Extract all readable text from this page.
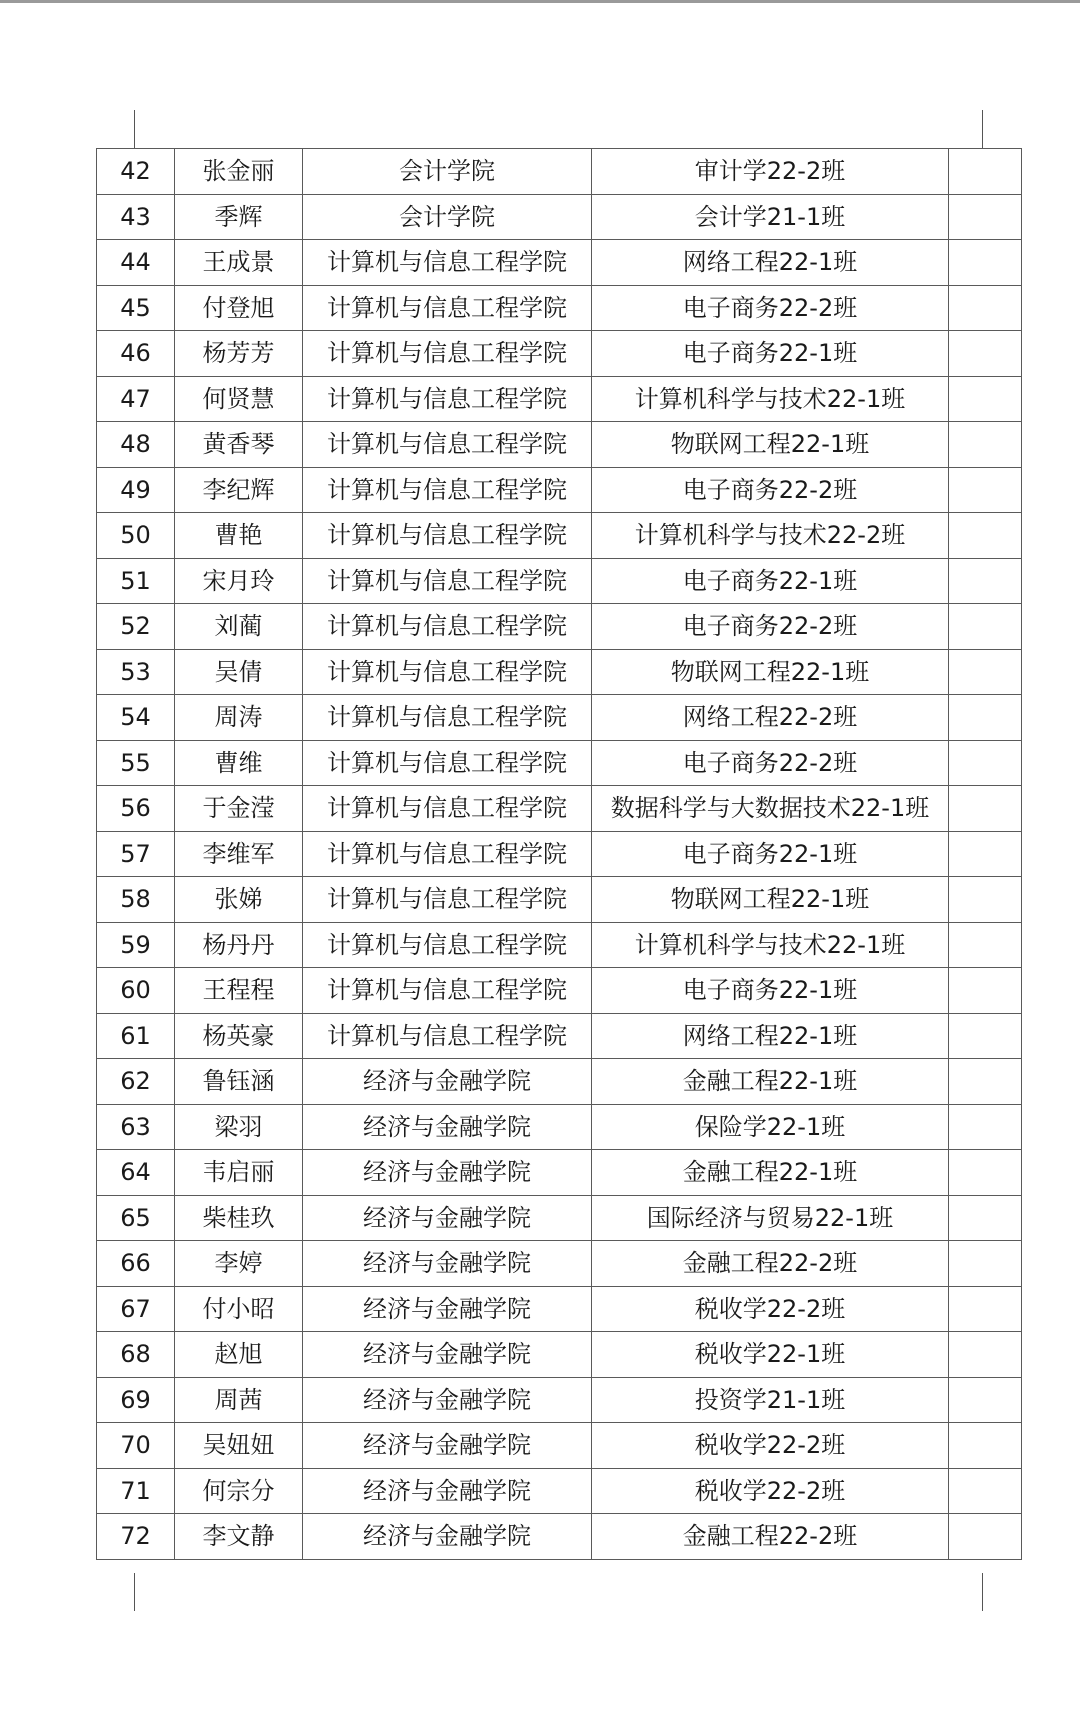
42	张金丽	会计学院	审计学22-2班	
43	季辉	会计学院	会计学21-1班	
44	王成景	计算机与信息工程学院	网络工程22-1班	
45	付登旭	计算机与信息工程学院	电子商务22-2班	
46	杨芳芳	计算机与信息工程学院	电子商务22-1班	
47	何贤慧	计算机与信息工程学院	计算机科学与技术22-1班	
48	黄香琴	计算机与信息工程学院	物联网工程22-1班	
49	李纪辉	计算机与信息工程学院	电子商务22-2班	
50	曹艳	计算机与信息工程学院	计算机科学与技术22-2班	
51	宋月玲	计算机与信息工程学院	电子商务22-1班	
52	刘蔺	计算机与信息工程学院	电子商务22-2班	
53	吴倩	计算机与信息工程学院	物联网工程22-1班	
54	周涛	计算机与信息工程学院	网络工程22-2班	
55	曹维	计算机与信息工程学院	电子商务22-2班	
56	于金滢	计算机与信息工程学院	数据科学与大数据技术22-1班	
57	李维军	计算机与信息工程学院	电子商务22-1班	
58	张娣	计算机与信息工程学院	物联网工程22-1班	
59	杨丹丹	计算机与信息工程学院	计算机科学与技术22-1班	
60	王程程	计算机与信息工程学院	电子商务22-1班	
61	杨英豪	计算机与信息工程学院	网络工程22-1班	
62	鲁钰涵	经济与金融学院	金融工程22-1班	
63	梁羽	经济与金融学院	保险学22-1班	
64	韦启丽	经济与金融学院	金融工程22-1班	
65	柴桂玖	经济与金融学院	国际经济与贸易22-1班	
66	李婷	经济与金融学院	金融工程22-2班	
67	付小昭	经济与金融学院	税收学22-2班	
68	赵旭	经济与金融学院	税收学22-1班	
69	周茜	经济与金融学院	投资学21-1班	
70	吴妞妞	经济与金融学院	税收学22-2班	
71	何宗分	经济与金融学院	税收学22-2班	
72	李文静	经济与金融学院	金融工程22-2班	
